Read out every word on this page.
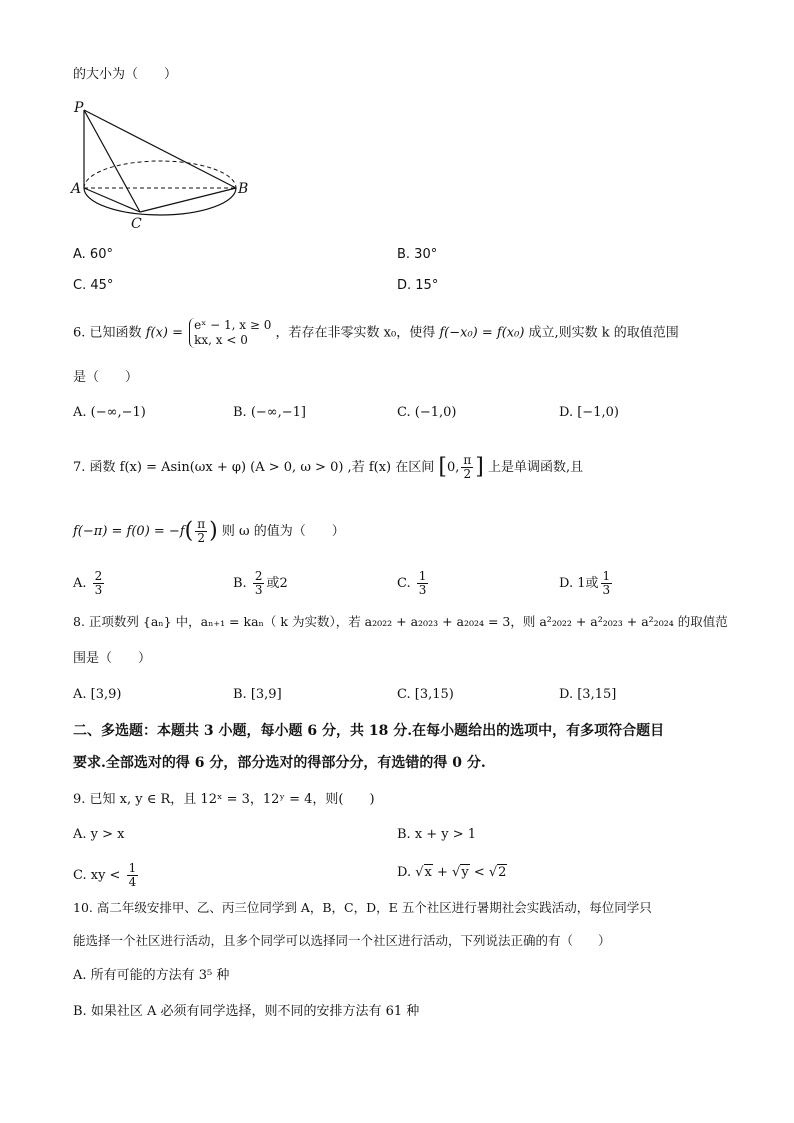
的大小为（　　）
P
A	B
C
A. 60°	B. 30°
C. 45°	D. 15°
6. 已知函数 f(x) =
eˣ − 1, x ≥ 0
kx, x < 0	，若存在非零实数 x₀，使得 f(−x₀) = f(x₀) 成立,则实数 k 的取值范围
是（　　）
A. (−∞,−1)	B. (−∞,−1]	C. (−1,0)	D. [−1,0)
7. 函数 f(x) = Asin(ωx + φ) (A > 0, ω > 0) ,若 f(x) 在区间 [0, $\frac{\pi}{2}$ ] 上是单调函数,且
$f(-\pi) = f(0) = -f( \frac{\pi}{2}$ ) 则 ω 的值为（　　）
A. $\frac{2}{3}$	B. $\frac{2}{3}$ 或2	C. $\frac{1}{3}$	D. 1或 $\frac{1}{3}$
8. 正项数列 {aₙ} 中，aₙ₊₁ = kaₙ（ k 为实数），若 a₂₀₂₂ + a₂₀₂₃ + a₂₀₂₄ = 3，则 a²₂₀₂₂ + a²₂₀₂₃ + a²₂₀₂₄ 的取值范
围是（　　）
A. [3,9)	B. [3,9]	C. [3,15)	D. [3,15]
二、多选题：本题共 3 小题，每小题 6 分，共 18 分.在每小题给出的选项中，有多项符合题目
要求.全部选对的得 6 分，部分选对的得部分分，有选错的得 0 分.
9. 已知 x, y ∈ R，且 12ˣ = 3，12ʸ = 4，则(　　)
A. y > x	B. x + y > 1
C. xy < $\frac{1}{4}$	D. √x + √y < √2
10. 高二年级安排甲、乙、丙三位同学到 A，B，C，D，E 五个社区进行暑期社会实践活动，每位同学只
能选择一个社区进行活动，且多个同学可以选择同一个社区进行活动，下列说法正确的有（　　）
A. 所有可能的方法有 3⁵ 种
B. 如果社区 A 必须有同学选择，则不同的安排方法有 61 种
